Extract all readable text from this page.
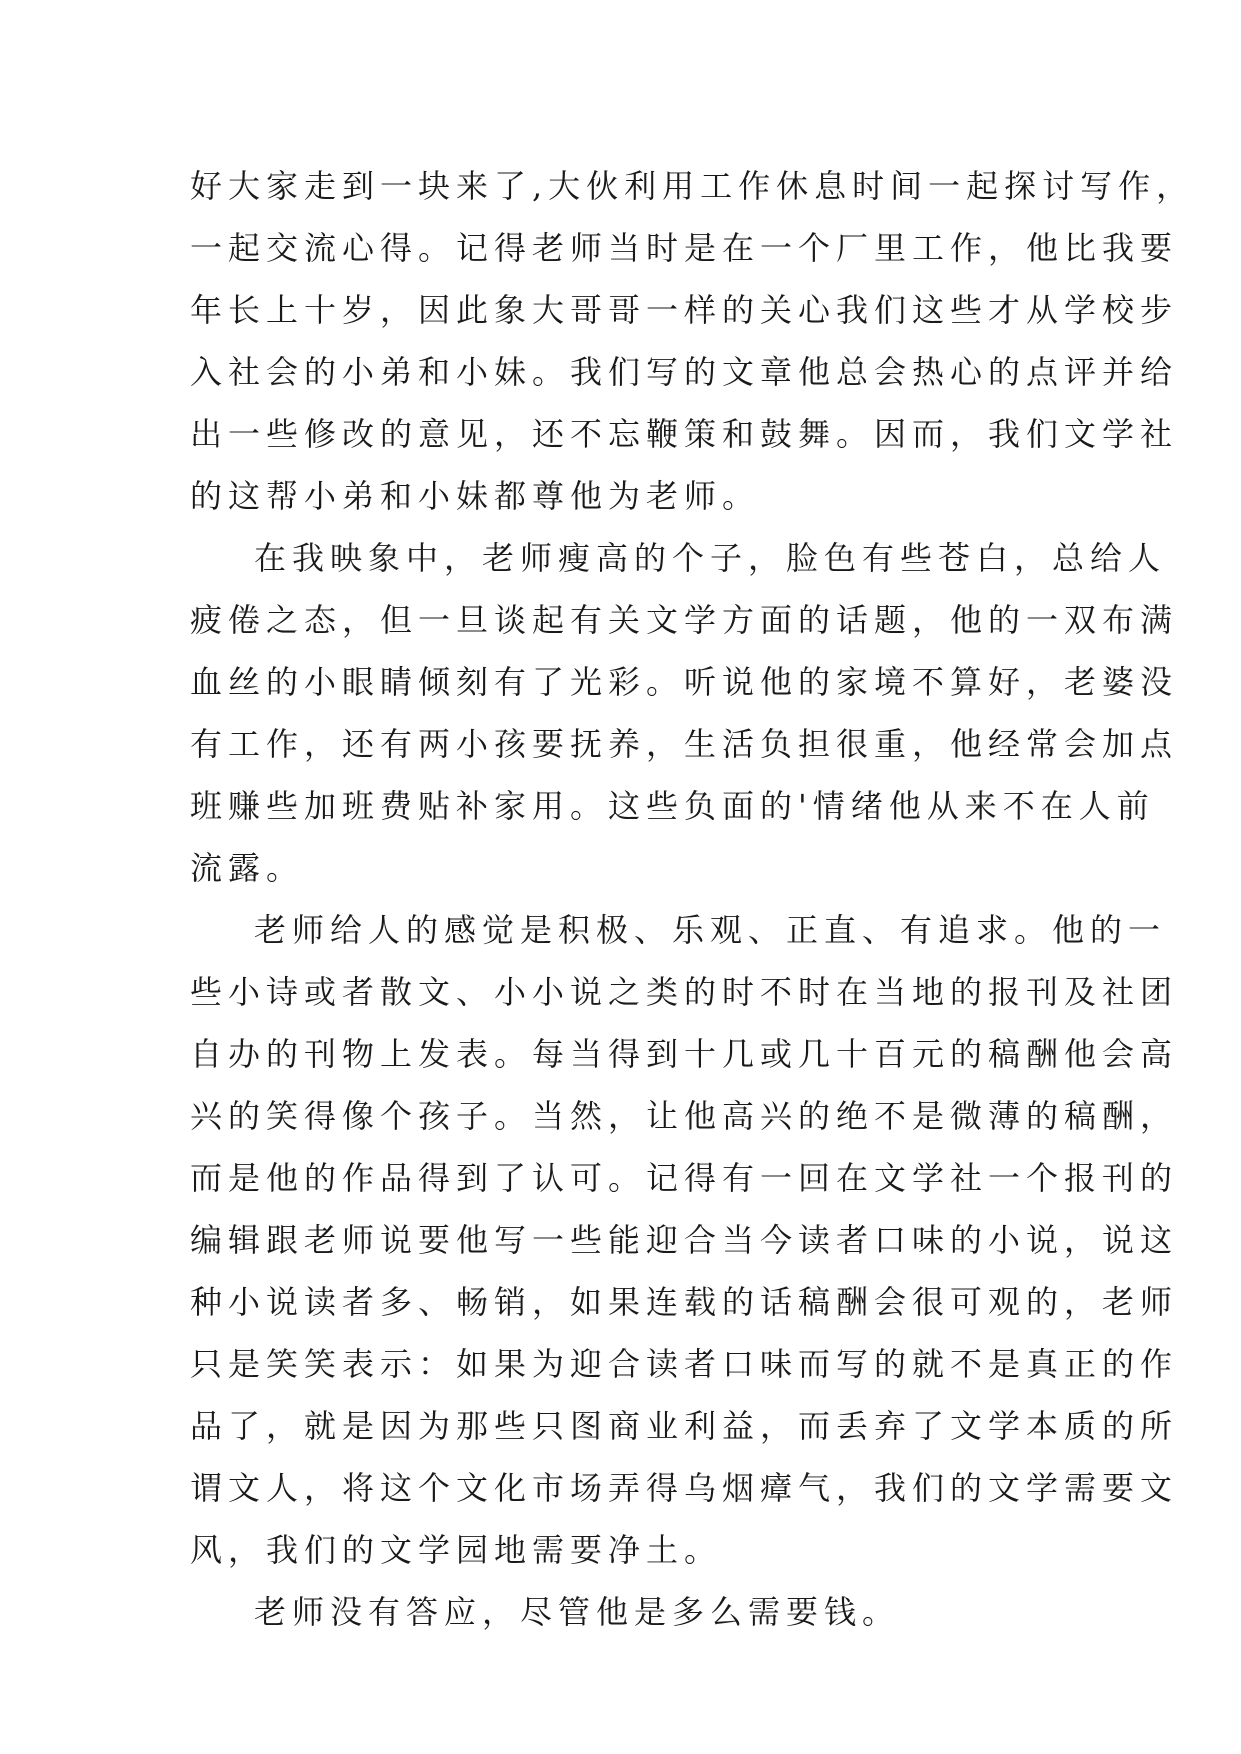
好大家走到一块来了,大伙利用工作休息时间一起探讨写作，
一起交流心得。记得老师当时是在一个厂里工作，他比我要
年长上十岁，因此象大哥哥一样的关心我们这些才从学校步
入社会的小弟和小妹。我们写的文章他总会热心的点评并给
出一些修改的意见，还不忘鞭策和鼓舞。因而，我们文学社
的这帮小弟和小妹都尊他为老师。
在我映象中，老师瘦高的个子，脸色有些苍白，总给人
疲倦之态，但一旦谈起有关文学方面的话题，他的一双布满
血丝的小眼睛倾刻有了光彩。听说他的家境不算好，老婆没
有工作，还有两小孩要抚养，生活负担很重，他经常会加点
班赚些加班费贴补家用。这些负面的'情绪他从来不在人前
流露。
老师给人的感觉是积极、乐观、正直、有追求。他的一
些小诗或者散文、小小说之类的时不时在当地的报刊及社团
自办的刊物上发表。每当得到十几或几十百元的稿酬他会高
兴的笑得像个孩子。当然，让他高兴的绝不是微薄的稿酬，
而是他的作品得到了认可。记得有一回在文学社一个报刊的
编辑跟老师说要他写一些能迎合当今读者口味的小说，说这
种小说读者多、畅销，如果连载的话稿酬会很可观的，老师
只是笑笑表示：如果为迎合读者口味而写的就不是真正的作
品了，就是因为那些只图商业利益，而丢弃了文学本质的所
谓文人，将这个文化市场弄得乌烟瘴气，我们的文学需要文
风，我们的文学园地需要净土。
老师没有答应，尽管他是多么需要钱。
